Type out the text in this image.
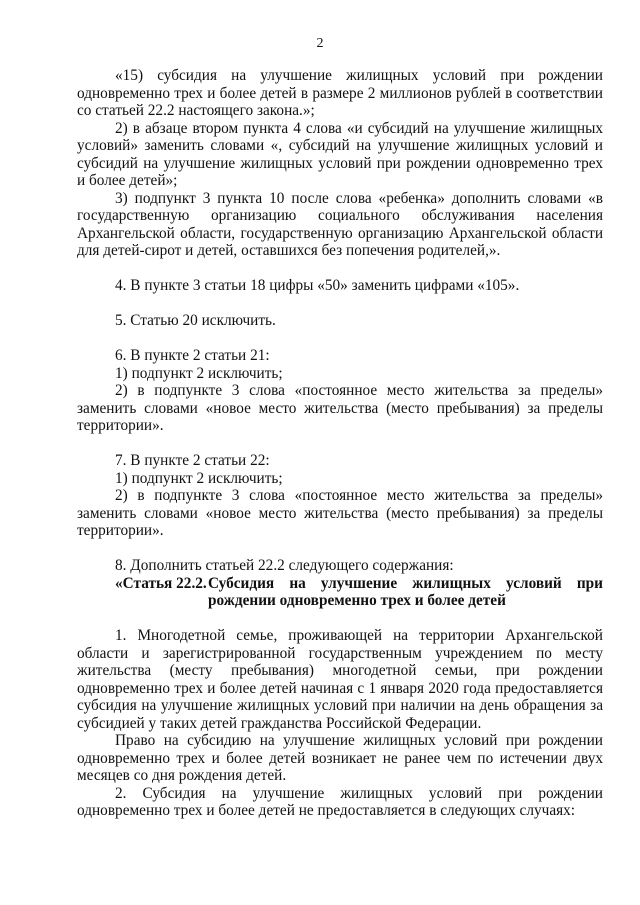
2

«15) субсидия на улучшение жилищных условий при рождении одновременно трех и более детей в размере 2 миллионов рублей в соответствии со статьей 22.2 настоящего закона.»;

2) в абзаце втором пункта 4 слова «и субсидий на улучшение жилищных условий» заменить словами «, субсидий на улучшение жилищных условий и субсидий на улучшение жилищных условий при рождении одновременно трех и более детей»;

3) подпункт 3 пункта 10 после слова «ребенка» дополнить словами «в государственную организацию социального обслуживания населения Архангельской области, государственную организацию Архангельской области для детей-сирот и детей, оставшихся без попечения родителей,».

4. В пункте 3 статьи 18 цифры «50» заменить цифрами «105».

5. Статью 20 исключить.

6. В пункте 2 статьи 21:

1) подпункт 2 исключить;

2) в подпункте 3 слова «постоянное место жительства за пределы» заменить словами «новое место жительства (место пребывания) за пределы территории».

7. В пункте 2 статьи 22:

1) подпункт 2 исключить;

2) в подпункте 3 слова «постоянное место жительства за пределы» заменить словами «новое место жительства (место пребывания) за пределы территории».

8. Дополнить статьей 22.2 следующего содержания:

«Статья 22.2. Субсидия на улучшение жилищных условий при рождении одновременно трех и более детей

1. Многодетной семье, проживающей на территории Архангельской области и зарегистрированной государственным учреждением по месту жительства (месту пребывания) многодетной семьи, при рождении одновременно трех и более детей начиная с 1 января 2020 года предоставляется субсидия на улучшение жилищных условий при наличии на день обращения за субсидией у таких детей гражданства Российской Федерации.

Право на субсидию на улучшение жилищных условий при рождении одновременно трех и более детей возникает не ранее чем по истечении двух месяцев со дня рождения детей.

2. Субсидия на улучшение жилищных условий при рождении одновременно трех и более детей не предоставляется в следующих случаях:
